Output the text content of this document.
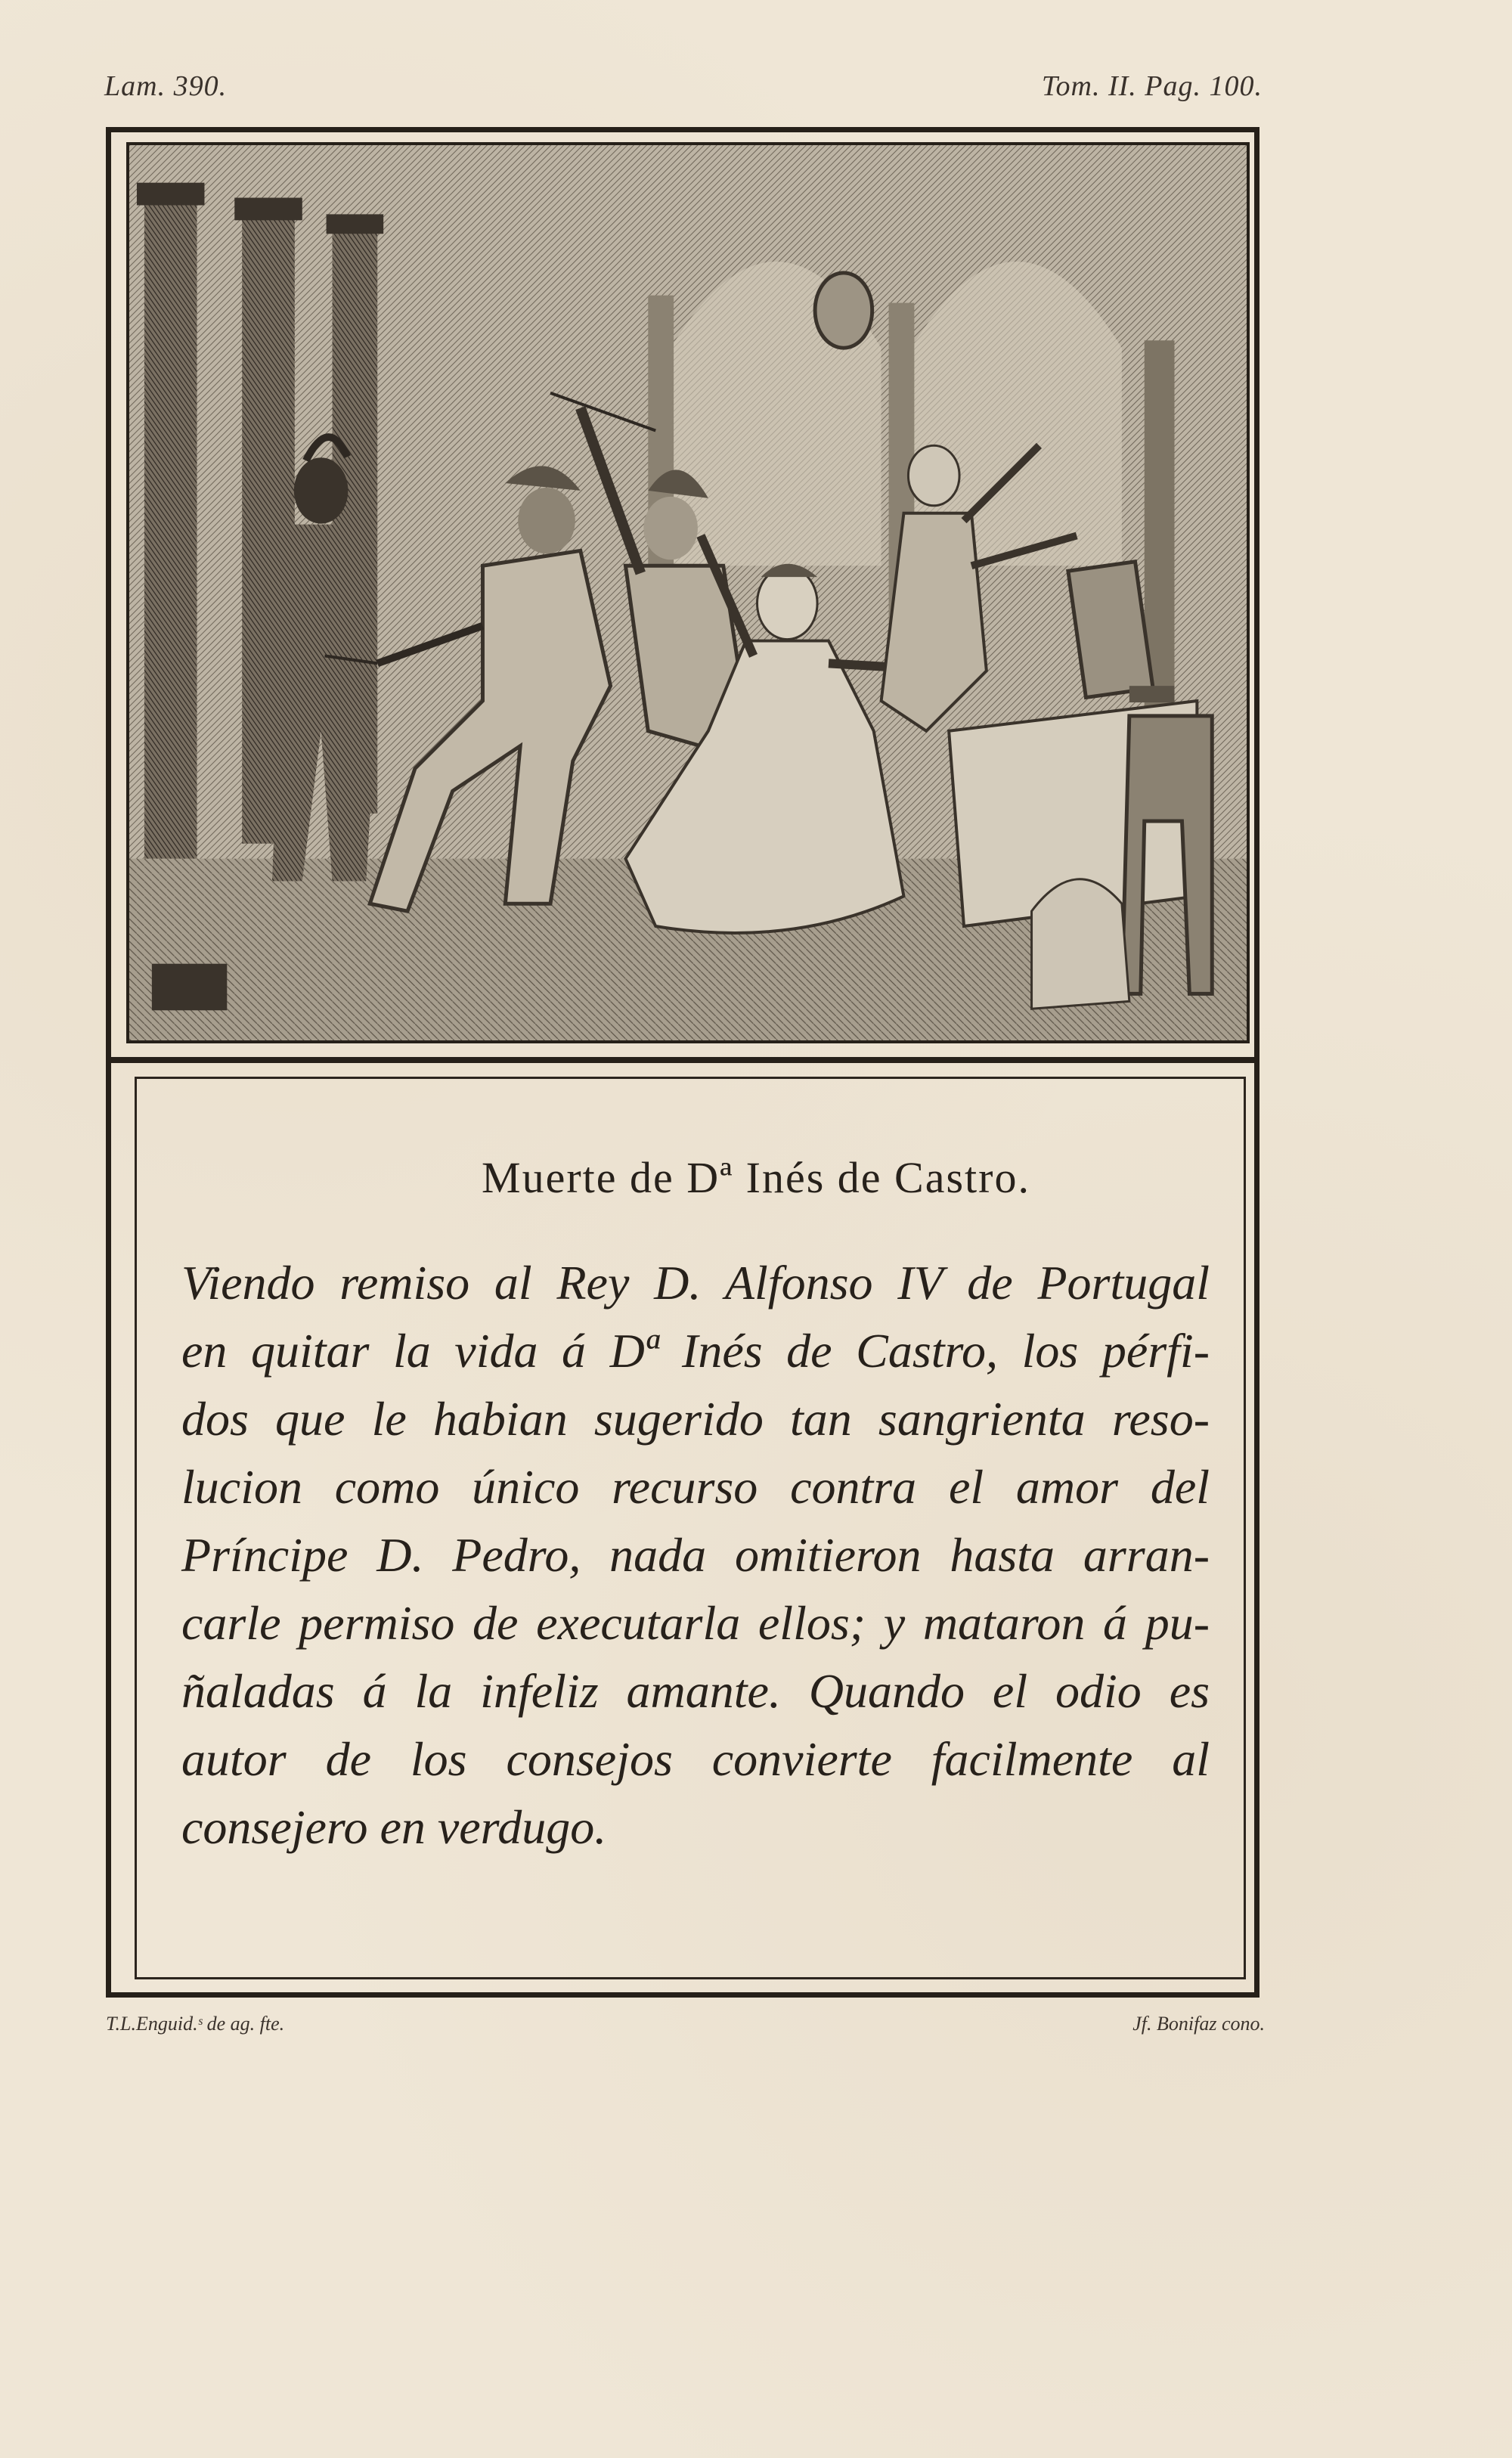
Lam. 390.	Tom. II. Pag. 100.
Muerte de Dª Inés de Castro.
Viendo remiso al Rey D. Alfonso IV de Portugal
en quitar la vida á Dª Inés de Castro, los pérfi-
dos que le habian sugerido tan sangrienta reso-
lucion como único recurso contra el amor del
Príncipe D. Pedro, nada omitieron hasta arran-
carle permiso de executarla ellos; y mataron á pu-
ñaladas á la infeliz amante. Quando el odio es
autor de los consejos convierte facilmente al
consejero en verdugo.
T.L.Enguid.ˢ de ag. fte.	Jf. Bonifaz cono.
